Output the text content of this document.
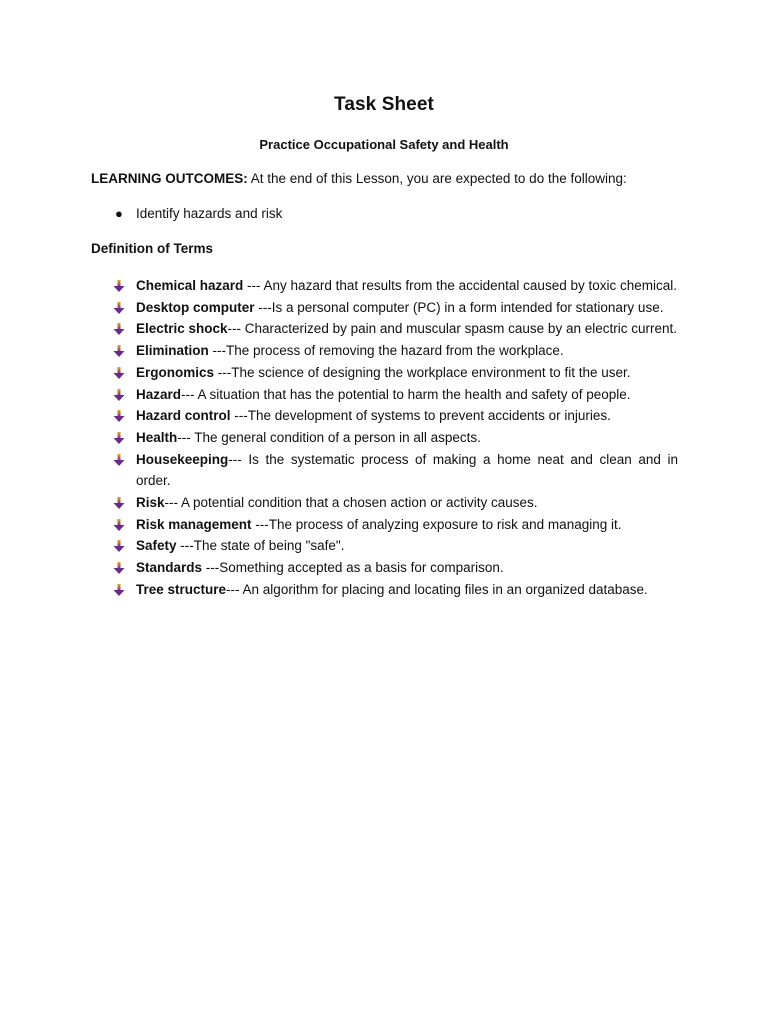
Task Sheet
Practice Occupational Safety and Health
LEARNING OUTCOMES: At the end of this Lesson, you are expected to do the following:
● Identify hazards and risk
Definition of Terms
Chemical hazard --- Any hazard that results from the accidental caused by toxic chemical.
Desktop computer ---Is a personal computer (PC) in a form intended for stationary use.
Electric shock--- Characterized by pain and muscular spasm cause by an electric current.
Elimination ---The process of removing the hazard from the workplace.
Ergonomics ---The science of designing the workplace environment to fit the user.
Hazard--- A situation that has the potential to harm the health and safety of people.
Hazard control ---The development of systems to prevent accidents or injuries.
Health--- The general condition of a person in all aspects.
Housekeeping--- Is the systematic process of making a home neat and clean and in order.
Risk--- A potential condition that a chosen action or activity causes.
Risk management ---The process of analyzing exposure to risk and managing it.
Safety ---The state of being "safe".
Standards ---Something accepted as a basis for comparison.
Tree structure--- An algorithm for placing and locating files in an organized database.
